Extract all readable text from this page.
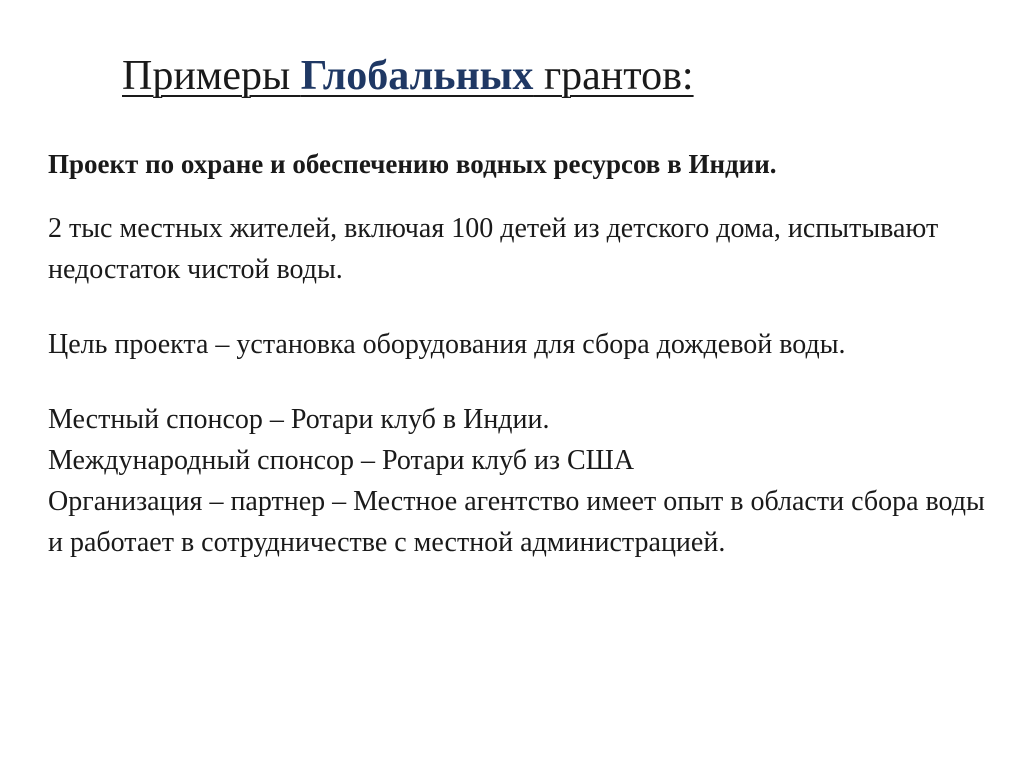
Примеры Глобальных грантов:

Проект по охране и обеспечению водных ресурсов в Индии.

2 тыс местных жителей, включая 100 детей из детского дома, испытывают недостаток чистой воды.

Цель проекта – установка оборудования для сбора дождевой воды.

Местный спонсор – Ротари клуб в Индии.

Международный спонсор – Ротари клуб из США

Организация – партнер – Местное агентство имеет опыт в области сбора воды и работает в сотрудничестве с местной администрацией.
